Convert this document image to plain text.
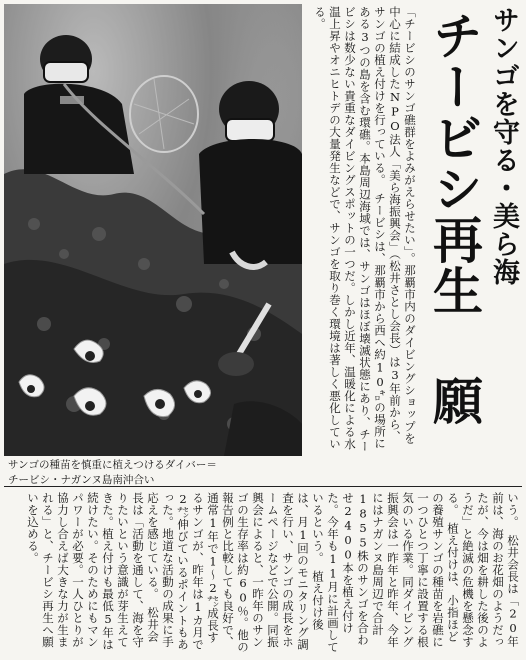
サンゴの種苗を慎重に植えつけるダイバー＝
チービシ・ナガンヌ島南沖合い
サンゴを守る・美ら海
チービシ再生 願
「チービシのサンゴ礁群をよみがえらせたい」。那覇市内のダイビングショップを中心に結成したNPO法人「美ら海振興会」（松井さとし会長）は3年前から、サンゴの植え付けを行っている。　チービシは、那覇市から西へ約10㌔の場所にある3つの島を含む環礁。本島周辺海域では、サンゴはほぼ壊滅状態にあり、チービシは数少ない貴重なダイビングスポットの一つだ。しかし近年、温暖化による水温上昇やオニヒトデの大量発生などで、サンゴを取り巻く環境は著しく悪化している。
いう。　松井会長は「20年前は、海のお花畑のようだったが、今は畑を耕した後のようだ」と絶滅の危機を懸念する。　植え付けは、小指ほどの養殖サンゴの種苗を岩礁に一つひとつ丁寧に設置する根気のいる作業。同ダイビング振興会は一昨年と昨年、今年にはナガンヌ島周辺で合計1855株のサンゴを合わせ2400本を植え付けた。今年も11月に計画しているという。　植え付け後は、月1回のモニタリング調査を行い、サンゴの成長をホームページなどで公開。同振興会によると、一昨年のサンゴの生存率は約60％。他の報告例と比較しても良好で、通常1年で1～2㌢成長するサンゴが、昨年は1カ月で2㌢伸びているポイントもあった。地道な活動の成果に手応えを感じている。　松井会長は「活動を通して、海を守りたいという意識が芽生えてきた。植え付けも最低5年は続けたい。そのためにもマンパワーが必要。一人ひとりが協力し合えば大きな力が生まれる」と、チービシ再生へ願いを込める。
